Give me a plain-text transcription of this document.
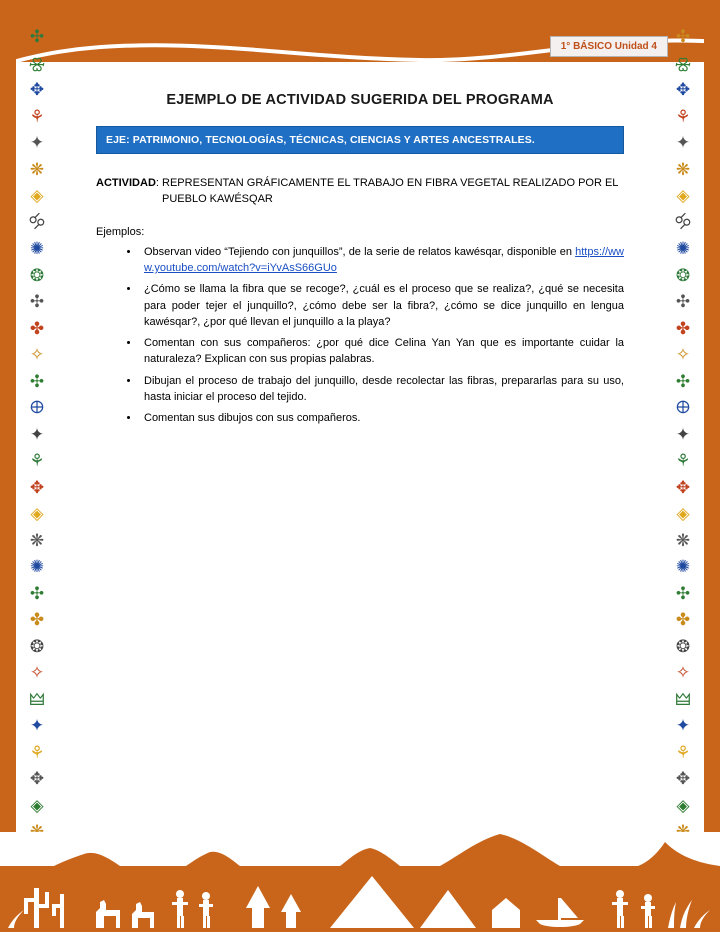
✣
🝮
✥
⚘
✦
❋
◈
🝰
✺
❂
✣
✤
✧
✣
🜨
✦
⚘
✥
◈
❋
✺
✣
✤
❂
✧
🜲
✦
⚘
✥
◈
✣
🝮
✥
⚘
✦
❋
◈
🝰
✺
❂
✣
✤
✧
✣
🜨
✦
⚘
✥
◈
❋
✺
✣
✤
❂
✧
🜲
✦
⚘
✥
◈
1° BÁSICO Unidad 4
EJEMPLO DE ACTIVIDAD SUGERIDA DEL PROGRAMA
EJE: PATRIMONIO, TECNOLOGÍAS, TÉCNICAS, CIENCIAS Y ARTES ANCESTRALES.
ACTIVIDAD: REPRESENTAN GRÁFICAMENTE EL TRABAJO EN FIBRA VEGETAL REALIZADO POR EL
PUEBLO KAWÉSQAR
Ejemplos:
• Observan video “Tejiendo con junquillos”, de la serie de relatos kawésqar, disponible en https://www.youtube.com/watch?v=iYvAsS66GUo
• ¿Cómo se llama la fibra que se recoge?, ¿cuál es el proceso que se realiza?, ¿qué se necesita para poder tejer el junquillo?, ¿cómo debe ser la fibra?, ¿cómo se dice junquillo en lengua kawésqar?, ¿por qué llevan el junquillo a la playa?
• Comentan con sus compañeros: ¿por qué dice Celina Yan Yan que es importante cuidar la naturaleza? Explican con sus propias palabras.
• Dibujan el proceso de trabajo del junquillo, desde recolectar las fibras, prepararlas para su uso, hasta iniciar el proceso del tejido.
• Comentan sus dibujos con sus compañeros.
